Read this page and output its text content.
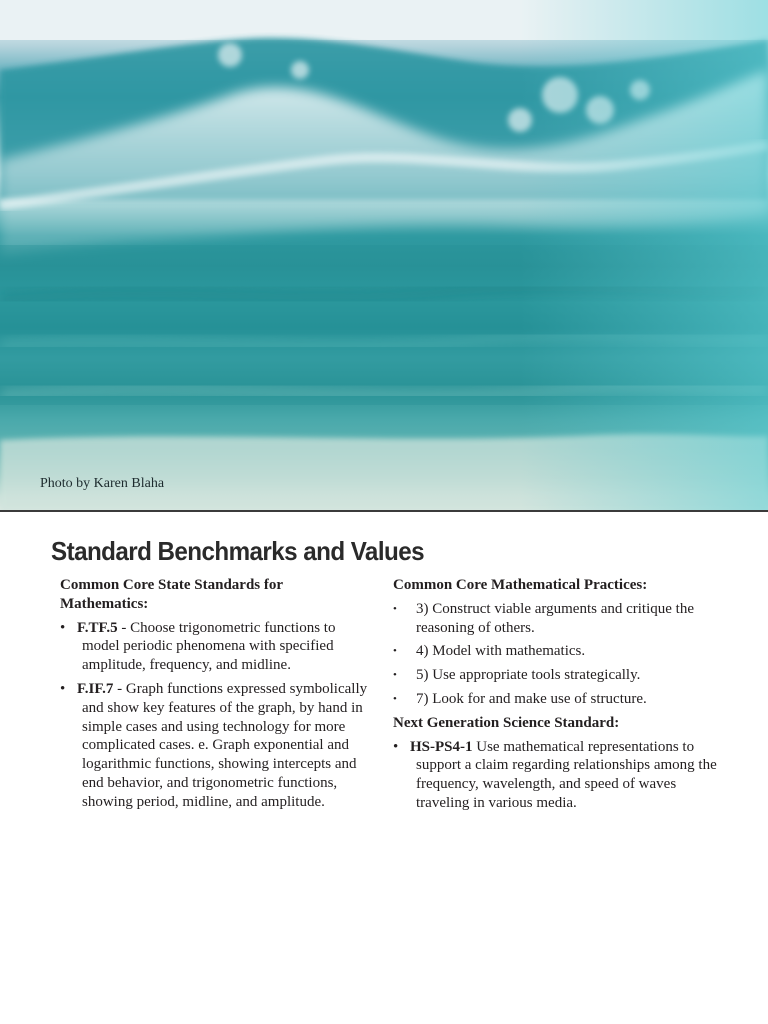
Photo by Karen Blaha
Standard Benchmarks and Values
Common Core State Standards for Mathematics:
• F.TF.5 - Choose trigonometric functions to model periodic phenomena with specified amplitude, frequency, and midline.
• F.IF.7 - Graph functions expressed symbolically and show key features of the graph, by hand in simple cases and using technology for more complicated cases. e. Graph exponential and logarithmic functions, showing intercepts and end behavior, and trigonometric functions, showing period, midline, and amplitude.
Common Core Mathematical Practices:
• 3) Construct viable arguments and critique the reasoning of others.
• 4) Model with mathematics.
• 5) Use appropriate tools strategically.
• 7) Look for and make use of structure.
Next Generation Science Standard:
• HS-PS4-1 Use mathematical representations to support a claim regarding relationships among the frequency, wavelength, and speed of waves traveling in various media.
